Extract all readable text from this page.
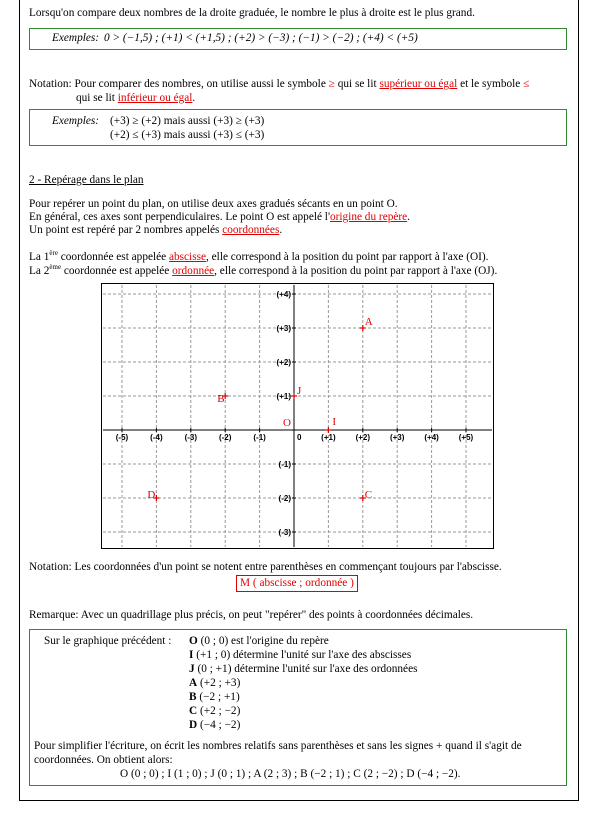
Lorsqu'on compare deux nombres de la droite graduée, le nombre le plus à droite est le plus grand.
Exemples: 0 > (−1,5) ; (+1) < (+1,5) ; (+2) > (−3) ; (−1) > (−2) ; (+4) < (+5)
Notation: Pour comparer des nombres, on utilise aussi le symbole ≥ qui se lit supérieur ou égal et le symbole ≤
qui se lit inférieur ou égal.
Exemples: (+3) ≥ (+2) mais aussi (+3) ≥ (+3)
(+2) ≤ (+3) mais aussi (+3) ≤ (+3)
2 - Repérage dans le plan
Pour repérer un point du plan, on utilise deux axes gradués sécants en un point O.
En général, ces axes sont perpendiculaires. Le point O est appelé l'origine du repère.
Un point est repéré par 2 nombres appelés coordonnées.
La 1ère coordonnée est appelée abscisse, elle correspond à la position du point par rapport à l'axe (OI).
La 2ème coordonnée est appelée ordonnée, elle correspond à la position du point par rapport à l'axe (OJ).
(-5)	(-4)	(-3)	(-2)	(-1)	0 (+1) (+2) (+3) (+4) (+5)
(+1)
(+2)
(+3)
(+4)
(-1)
(-2)
(-3)
O
A
B
C
D
I
J
Notation: Les coordonnées d'un point se notent entre parenthèses en commençant toujours par l'abscisse.
M ( abscisse ; ordonnée )
Remarque: Avec un quadrillage plus précis, on peut "repérer" des points à coordonnées décimales.
Sur le graphique précédent : O (0 ; 0) est l'origine du repère
I (+1 ; 0) détermine l'unité sur l'axe des abscisses
J (0 ; +1) détermine l'unité sur l'axe des ordonnées
A (+2 ; +3)
B (−2 ; +1)
C (+2 ; −2)
D (−4 ; −2)
Pour simplifier l'écriture, on écrit les nombres relatifs sans parenthèses et sans les signes + quand il s'agit de
coordonnées. On obtient alors:
O (0 ; 0) ; I (1 ; 0) ; J (0 ; 1) ; A (2 ; 3) ; B (−2 ; 1) ; C (2 ; −2) ; D (−4 ; −2).
